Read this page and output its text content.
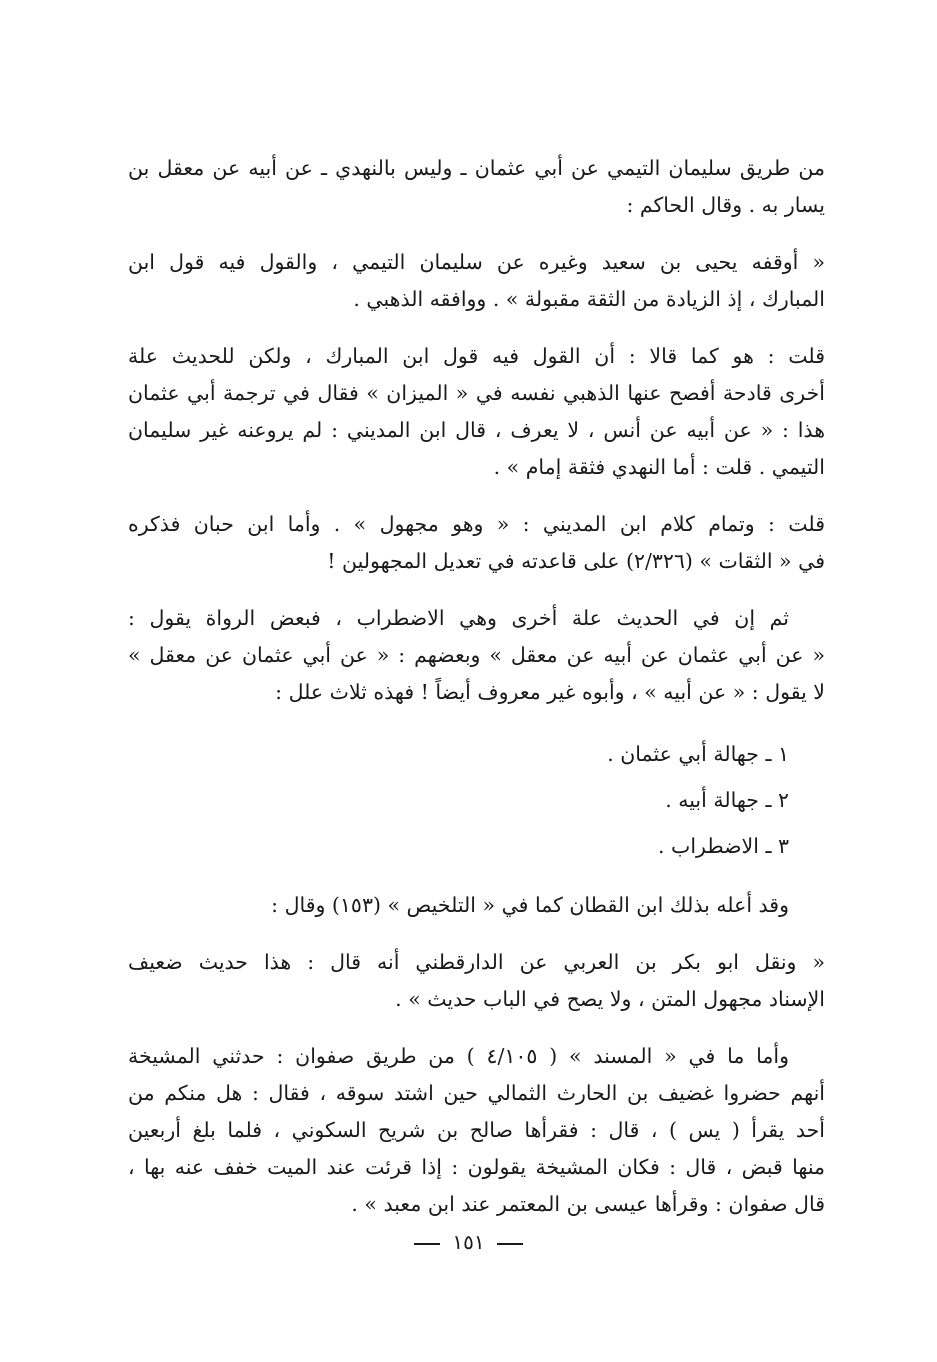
من طريق سليمان التيمي عن أبي عثمان ـ وليس بالنهدي ـ عن أبيه عن معقل بن
يسار به . وقال الحاكم :
« أوقفه يحيى بن سعيد وغيره عن سليمان التيمي ، والقول فيه قول ابن
المبارك ، إذ الزيادة من الثقة مقبولة » . ووافقه الذهبي .
قلت : هو كما قالا : أن القول فيه قول ابن المبارك ، ولكن للحديث علة
أخرى قادحة أفصح عنها الذهبي نفسه في « الميزان » فقال في ترجمة أبي عثمان
هذا : « عن أبيه عن أنس ، لا يعرف ، قال ابن المديني : لم يروعنه غير سليمان
التيمي . قلت : أما النهدي فثقة إمام » .
قلت : وتمام كلام ابن المديني : « وهو مجهول » . وأما ابن حبان فذكره
في « الثقات » (٢/٣٢٦) على قاعدته في تعديل المجهولين !
ثم إن في الحديث علة أخرى وهي الاضطراب ، فبعض الرواة يقول :
« عن أبي عثمان عن أبيه عن معقل » وبعضهم : « عن أبي عثمان عن معقل »
لا يقول : « عن أبيه » ، وأبوه غير معروف أيضاً ! فهذه ثلاث علل :
١ ـ جهالة أبي عثمان .
٢ ـ جهالة أبيه .
٣ ـ الاضطراب .
وقد أعله بذلك ابن القطان كما في « التلخيص » (١٥٣) وقال :
« ونقل ابو بكر بن العربي عن الدارقطني أنه قال : هذا حديث ضعيف
الإسناد مجهول المتن ، ولا يصح في الباب حديث » .
وأما ما في « المسند » ( ٤/١٠٥ ) من طريق صفوان : حدثني المشيخة
أنهم حضروا غضيف بن الحارث الثمالي حين اشتد سوقه ، فقال : هل منكم من
أحد يقرأ ( يس ) ، قال : فقرأها صالح بن شريح السكوني ، فلما بلغ أربعين
منها قبض ، قال : فكان المشيخة يقولون : إذا قرئت عند الميت خفف عنه بها ،
قال صفوان : وقرأها عيسى بن المعتمر عند ابن معبد » .
١٥١
